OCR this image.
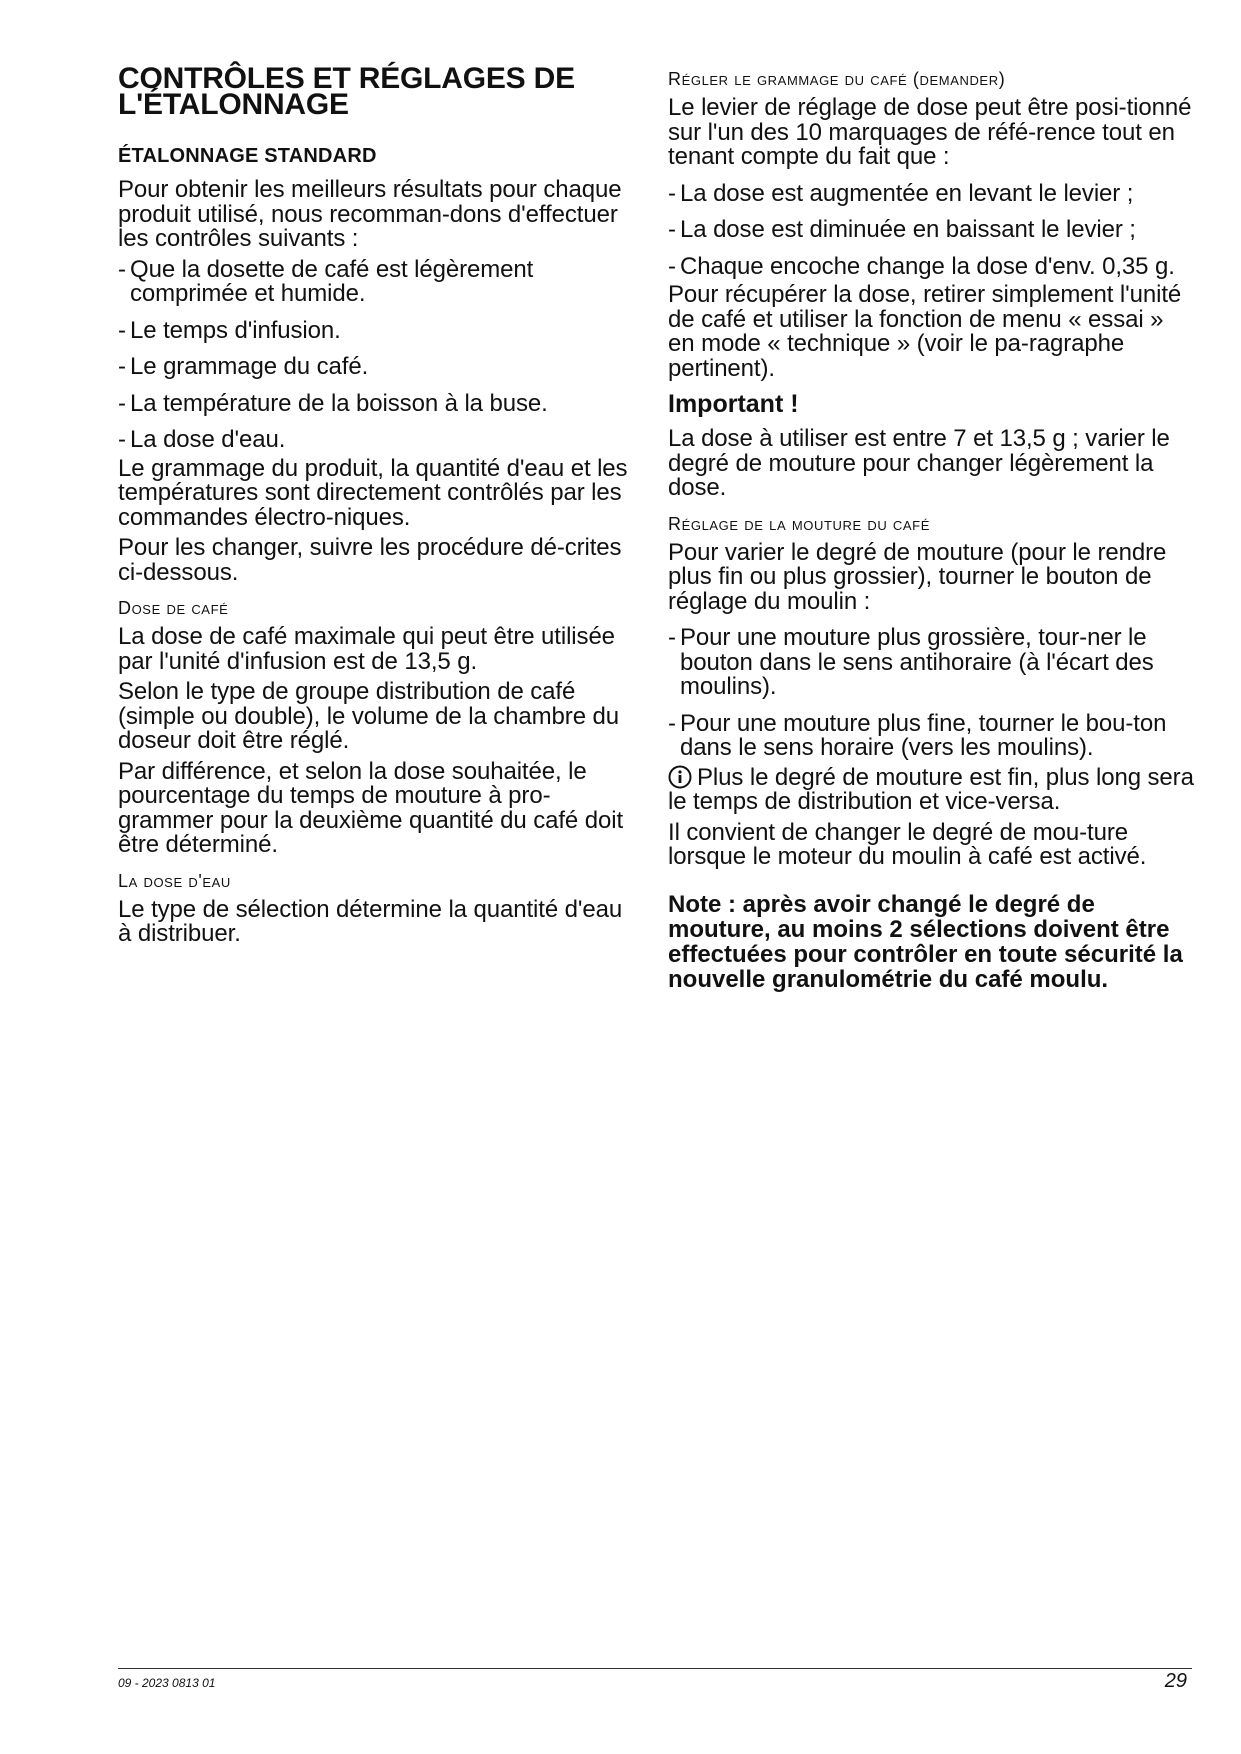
CONTRÔLES ET RÉGLAGES DE L'ÉTALONNAGE
ÉTALONNAGE STANDARD
Pour obtenir les meilleurs résultats pour chaque produit utilisé, nous recomman-dons d'effectuer les contrôles suivants :
- Que la dosette de café est légèrement comprimée et humide.
- Le temps d'infusion.
- Le grammage du café.
- La température de la boisson à la buse.
- La dose d'eau.
Le grammage du produit, la quantité d'eau et les températures sont directement contrôlés par les commandes électro-niques.
Pour les changer, suivre les procédure dé-crites ci-dessous.
Dose de café
La dose de café maximale qui peut être utilisée par l'unité d'infusion est de 13,5 g.
Selon le type de groupe distribution de café (simple ou double), le volume de la chambre du doseur doit être réglé.
Par différence, et selon la dose souhaitée, le pourcentage du temps de mouture à pro-grammer pour la deuxième quantité du café doit être déterminé.
La dose d'eau
Le type de sélection détermine la quantité d'eau à distribuer.
Régler le grammage du café (demander)
Le levier de réglage de dose peut être posi-tionné sur l'un des 10 marquages de réfé-rence tout en tenant compte du fait que :
- La dose est augmentée en levant le levier ;
- La dose est diminuée en baissant le levier ;
- Chaque encoche change la dose d'env. 0,35 g.
Pour récupérer la dose, retirer simplement l'unité de café et utiliser la fonction de menu « essai » en mode « technique » (voir le pa-ragraphe pertinent).
Important !
La dose à utiliser est entre 7 et 13,5 g ; varier le degré de mouture pour changer légèrement la dose.
Réglage de la mouture du café
Pour varier le degré de mouture (pour le rendre plus fin ou plus grossier), tourner le bouton de réglage du moulin :
- Pour une mouture plus grossière, tour-ner le bouton dans le sens antihoraire (à l'écart des moulins).
- Pour une mouture plus fine, tourner le bou-ton dans le sens horaire (vers les moulins).
Plus le degré de mouture est fin, plus long sera le temps de distribution et vice-versa.
Il convient de changer le degré de mou-ture lorsque le moteur du moulin à café est activé.
Note : après avoir changé le degré de mouture, au moins 2 sélections doivent être effectuées pour contrôler en toute sécurité la nouvelle granulométrie du café moulu.
09 - 2023 0813 01	29
